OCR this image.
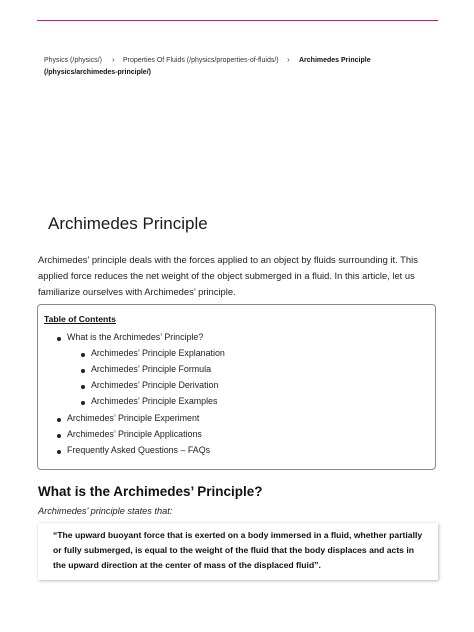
Physics (/physics/) › Properties Of Fluids (/physics/properties-of-fluids/) › Archimedes Principle
(/physics/archimedes-principle/)
Archimedes Principle

Archimedes’ principle deals with the forces applied to an object by fluids surrounding it. This applied force reduces the net weight of the object submerged in a fluid. In this article, let us familiarize ourselves with Archimedes’ principle.

Table of Contents
What is the Archimedes’ Principle?
Archimedes’ Principle Explanation
Archimedes’ Principle Formula
Archimedes’ Principle Derivation
Archimedes’ Principle Examples
Archimedes’ Principle Experiment
Archimedes’ Principle Applications
Frequently Asked Questions – FAQs
What is the Archimedes’ Principle?

Archimedes’ principle states that:

“The upward buoyant force that is exerted on a body immersed in a fluid, whether partially or fully submerged, is equal to the weight of the fluid that the body displaces and acts in the upward direction at the center of mass of the displaced fluid”.
